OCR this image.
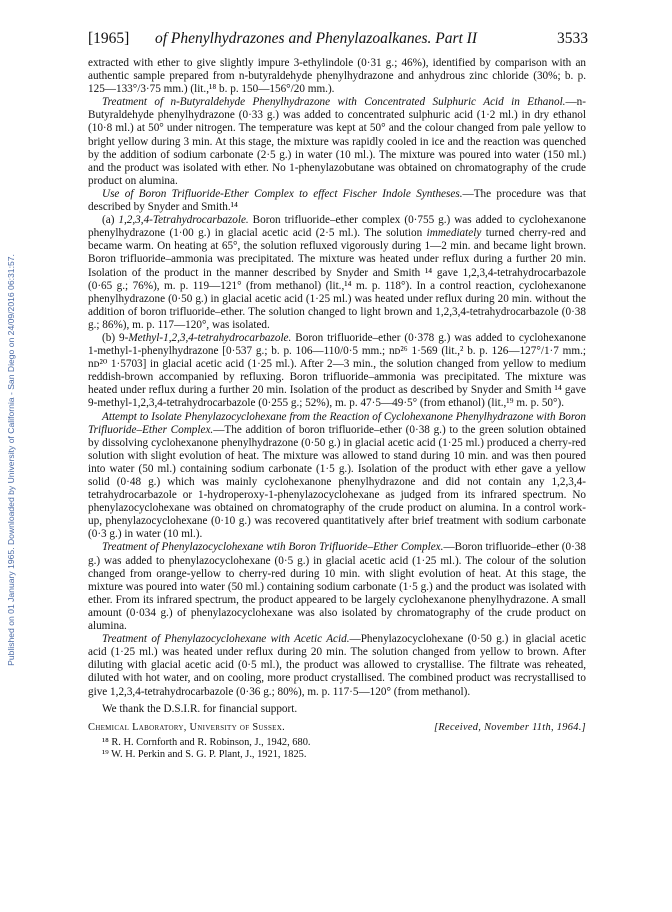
Published on 01 January 1965. Downloaded by University of California - San Diego on 24/09/2016 06:31:57.
[1965] of Phenylhydrazones and Phenylazoalkanes. Part II	3533

extracted with ether to give slightly impure 3-ethylindole (0·31 g.; 46%), identified by comparison with an authentic sample prepared from n-butyraldehyde phenylhydrazone and anhydrous zinc chloride (30%; b. p. 125—133°/3·75 mm.) (lit.,¹⁸ b. p. 150—156°/20 mm.).

Treatment of n-Butyraldehyde Phenylhydrazone with Concentrated Sulphuric Acid in Ethanol.—n-Butyraldehyde phenylhydrazone (0·33 g.) was added to concentrated sulphuric acid (1·2 ml.) in dry ethanol (10·8 ml.) at 50° under nitrogen. The temperature was kept at 50° and the colour changed from pale yellow to bright yellow during 3 min. At this stage, the mixture was rapidly cooled in ice and the reaction was quenched by the addition of sodium carbonate (2·5 g.) in water (10 ml.). The mixture was poured into water (150 ml.) and the product was isolated with ether. No 1-phenylazobutane was obtained on chromatography of the crude product on alumina.

Use of Boron Trifluoride-Ether Complex to effect Fischer Indole Syntheses.—The procedure was that described by Snyder and Smith.¹⁴

(a) 1,2,3,4-Tetrahydrocarbazole. Boron trifluoride–ether complex (0·755 g.) was added to cyclohexanone phenylhydrazone (1·00 g.) in glacial acetic acid (2·5 ml.). The solution immediately turned cherry-red and became warm. On heating at 65°, the solution refluxed vigorously during 1—2 min. and became light brown. Boron trifluoride–ammonia was precipitated. The mixture was heated under reflux during a further 20 min. Isolation of the product in the manner described by Snyder and Smith ¹⁴ gave 1,2,3,4-tetrahydrocarbazole (0·65 g.; 76%), m. p. 119—121° (from methanol) (lit.,¹⁴ m. p. 118°). In a control reaction, cyclohexanone phenylhydrazone (0·50 g.) in glacial acetic acid (1·25 ml.) was heated under reflux during 20 min. without the addition of boron trifluoride–ether. The solution changed to light brown and 1,2,3,4-tetrahydrocarbazole (0·38 g.; 86%), m. p. 117—120°, was isolated.

(b) 9-Methyl-1,2,3,4-tetrahydrocarbazole. Boron trifluoride–ether (0·378 g.) was added to cyclohexanone 1-methyl-1-phenylhydrazone [0·537 g.; b. p. 106—110/0·5 mm.; nᴅ²⁶ 1·569 (lit.,² b. p. 126—127°/1·7 mm.; nᴅ²⁰ 1·5703] in glacial acetic acid (1·25 ml.). After 2—3 min., the solution changed from yellow to medium reddish-brown accompanied by refluxing. Boron trifluoride–ammonia was precipitated. The mixture was heated under reflux during a further 20 min. Isolation of the product as described by Snyder and Smith ¹⁴ gave 9-methyl-1,2,3,4-tetrahydrocarbazole (0·255 g.; 52%), m. p. 47·5—49·5° (from ethanol) (lit.,¹⁹ m. p. 50°).

Attempt to Isolate Phenylazocyclohexane from the Reaction of Cyclohexanone Phenylhydrazone with Boron Trifluoride–Ether Complex.—The addition of boron trifluoride–ether (0·38 g.) to the green solution obtained by dissolving cyclohexanone phenylhydrazone (0·50 g.) in glacial acetic acid (1·25 ml.) produced a cherry-red solution with slight evolution of heat. The mixture was allowed to stand during 10 min. and was then poured into water (50 ml.) containing sodium carbonate (1·5 g.). Isolation of the product with ether gave a yellow solid (0·48 g.) which was mainly cyclohexanone phenylhydrazone and did not contain any 1,2,3,4-tetrahydrocarbazole or 1-hydroperoxy-1-phenylazocyclohexane as judged from its infrared spectrum. No phenylazocyclohexane was obtained on chromatography of the crude product on alumina. In a control work-up, phenylazocyclohexane (0·10 g.) was recovered quantitatively after brief treatment with sodium carbonate (0·3 g.) in water (10 ml.).

Treatment of Phenylazocyclohexane wtih Boron Trifluoride–Ether Complex.—Boron trifluoride–ether (0·38 g.) was added to phenylazocyclohexane (0·5 g.) in glacial acetic acid (1·25 ml.). The colour of the solution changed from orange-yellow to cherry-red during 10 min. with slight evolution of heat. At this stage, the mixture was poured into water (50 ml.) containing sodium carbonate (1·5 g.) and the product was isolated with ether. From its infrared spectrum, the product appeared to be largely cyclohexanone phenylhydrazone. A small amount (0·034 g.) of phenylazocyclohexane was also isolated by chromatography of the crude product on alumina.

Treatment of Phenylazocyclohexane with Acetic Acid.—Phenylazocyclohexane (0·50 g.) in glacial acetic acid (1·25 ml.) was heated under reflux during 20 min. The solution changed from yellow to brown. After diluting with glacial acetic acid (0·5 ml.), the product was allowed to crystallise. The filtrate was reheated, diluted with hot water, and on cooling, more product crystallised. The combined product was recrystallised to give 1,2,3,4-tetrahydrocarbazole (0·36 g.; 80%), m. p. 117·5—120° (from methanol).

We thank the D.S.I.R. for financial support.

Chemical Laboratory, University of Sussex.	[Received, November 11th, 1964.]
¹⁸ R. H. Cornforth and R. Robinson, J., 1942, 680.
¹⁹ W. H. Perkin and S. G. P. Plant, J., 1921, 1825.
